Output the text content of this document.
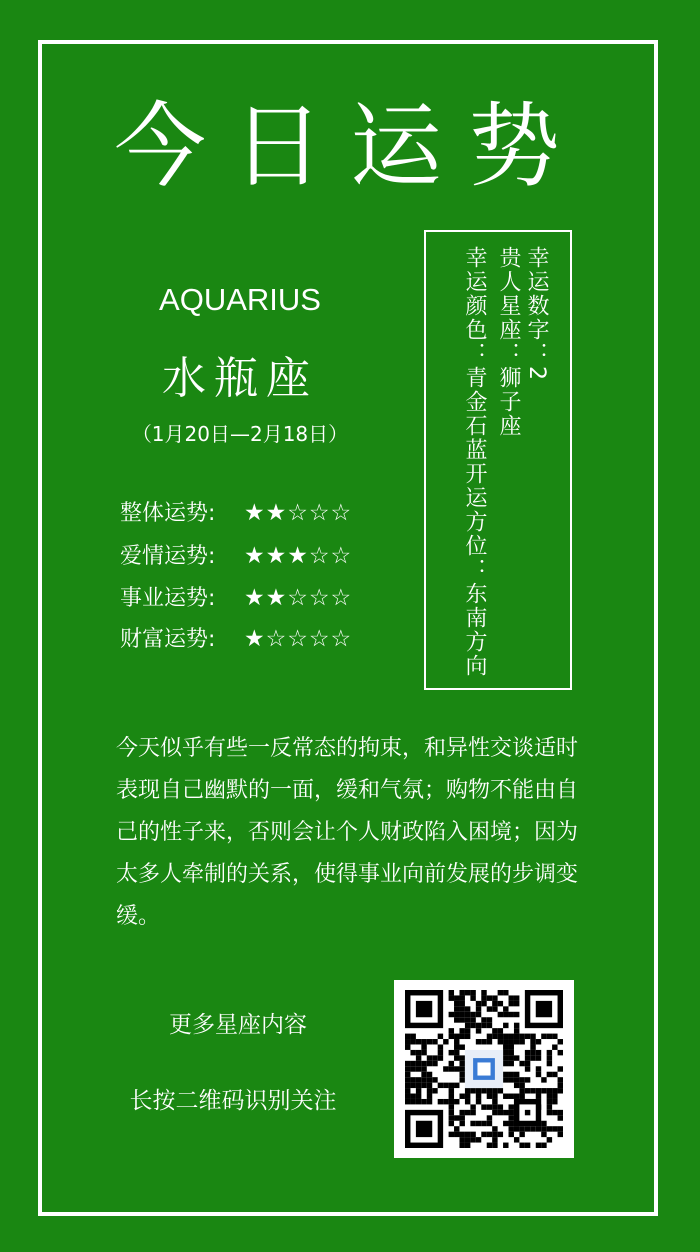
今日运势
AQUARIUS
水瓶座
（1月20日—2月18日）
整体运势: ★★☆☆☆
爱情运势: ★★★☆☆
事业运势: ★★☆☆☆
财富运势: ★☆☆☆☆
幸运数字：2
贵人星座：狮子座
幸运颜色：青金石蓝开运方位：东南方向
今天似乎有些一反常态的拘束，和异性交谈适时表现自己幽默的一面，缓和气氛；购物不能由自己的性子来，否则会让个人财政陷入困境；因为太多人牵制的关系，使得事业向前发展的步调变缓。
更多星座内容
长按二维码识别关注
